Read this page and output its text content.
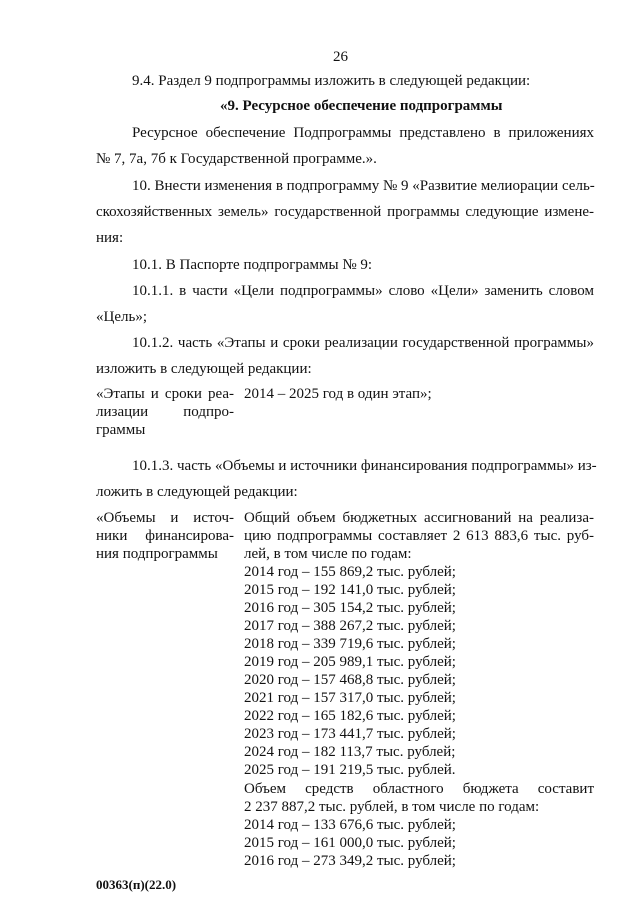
26
9.4. Раздел 9 подпрограммы изложить в следующей редакции:
«9. Ресурсное обеспечение подпрограммы
Ресурсное обеспечение Подпрограммы представлено в приложениях
№ 7, 7а, 7б к Государственной программе.».
10. Внести изменения в подпрограмму № 9 «Развитие мелиорации сель-
скохозяйственных земель» государственной программы следующие измене-
ния:
10.1. В Паспорте подпрограммы № 9:
10.1.1. в части «Цели подпрограммы» слово «Цели» заменить словом
«Цель»;
10.1.2. часть «Этапы и сроки реализации государственной программы»
изложить в следующей редакции:
«Этапы и сроки реа-
лизации подпро-
граммы
2014 – 2025 год в один этап»;
10.1.3. часть «Объемы и источники финансирования подпрограммы» из-
ложить в следующей редакции:
«Объемы и источ-
ники финансирова-
ния подпрограммы
Общий объем бюджетных ассигнований на реализа-
цию подпрограммы составляет 2 613 883,6 тыс. руб-
лей, в том числе по годам:
2014 год – 155 869,2 тыс. рублей;
2015 год – 192 141,0 тыс. рублей;
2016 год – 305 154,2 тыс. рублей;
2017 год – 388 267,2 тыс. рублей;
2018 год – 339 719,6 тыс. рублей;
2019 год – 205 989,1 тыс. рублей;
2020 год – 157 468,8 тыс. рублей;
2021 год – 157 317,0 тыс. рублей;
2022 год – 165 182,6 тыс. рублей;
2023 год – 173 441,7 тыс. рублей;
2024 год – 182 113,7 тыс. рублей;
2025 год – 191 219,5 тыс. рублей.
Объем средств областного бюджета составит
2 237 887,2 тыс. рублей, в том числе по годам:
2014 год – 133 676,6 тыс. рублей;
2015 год – 161 000,0 тыс. рублей;
2016 год – 273 349,2 тыс. рублей;
00363(п)(22.0)
